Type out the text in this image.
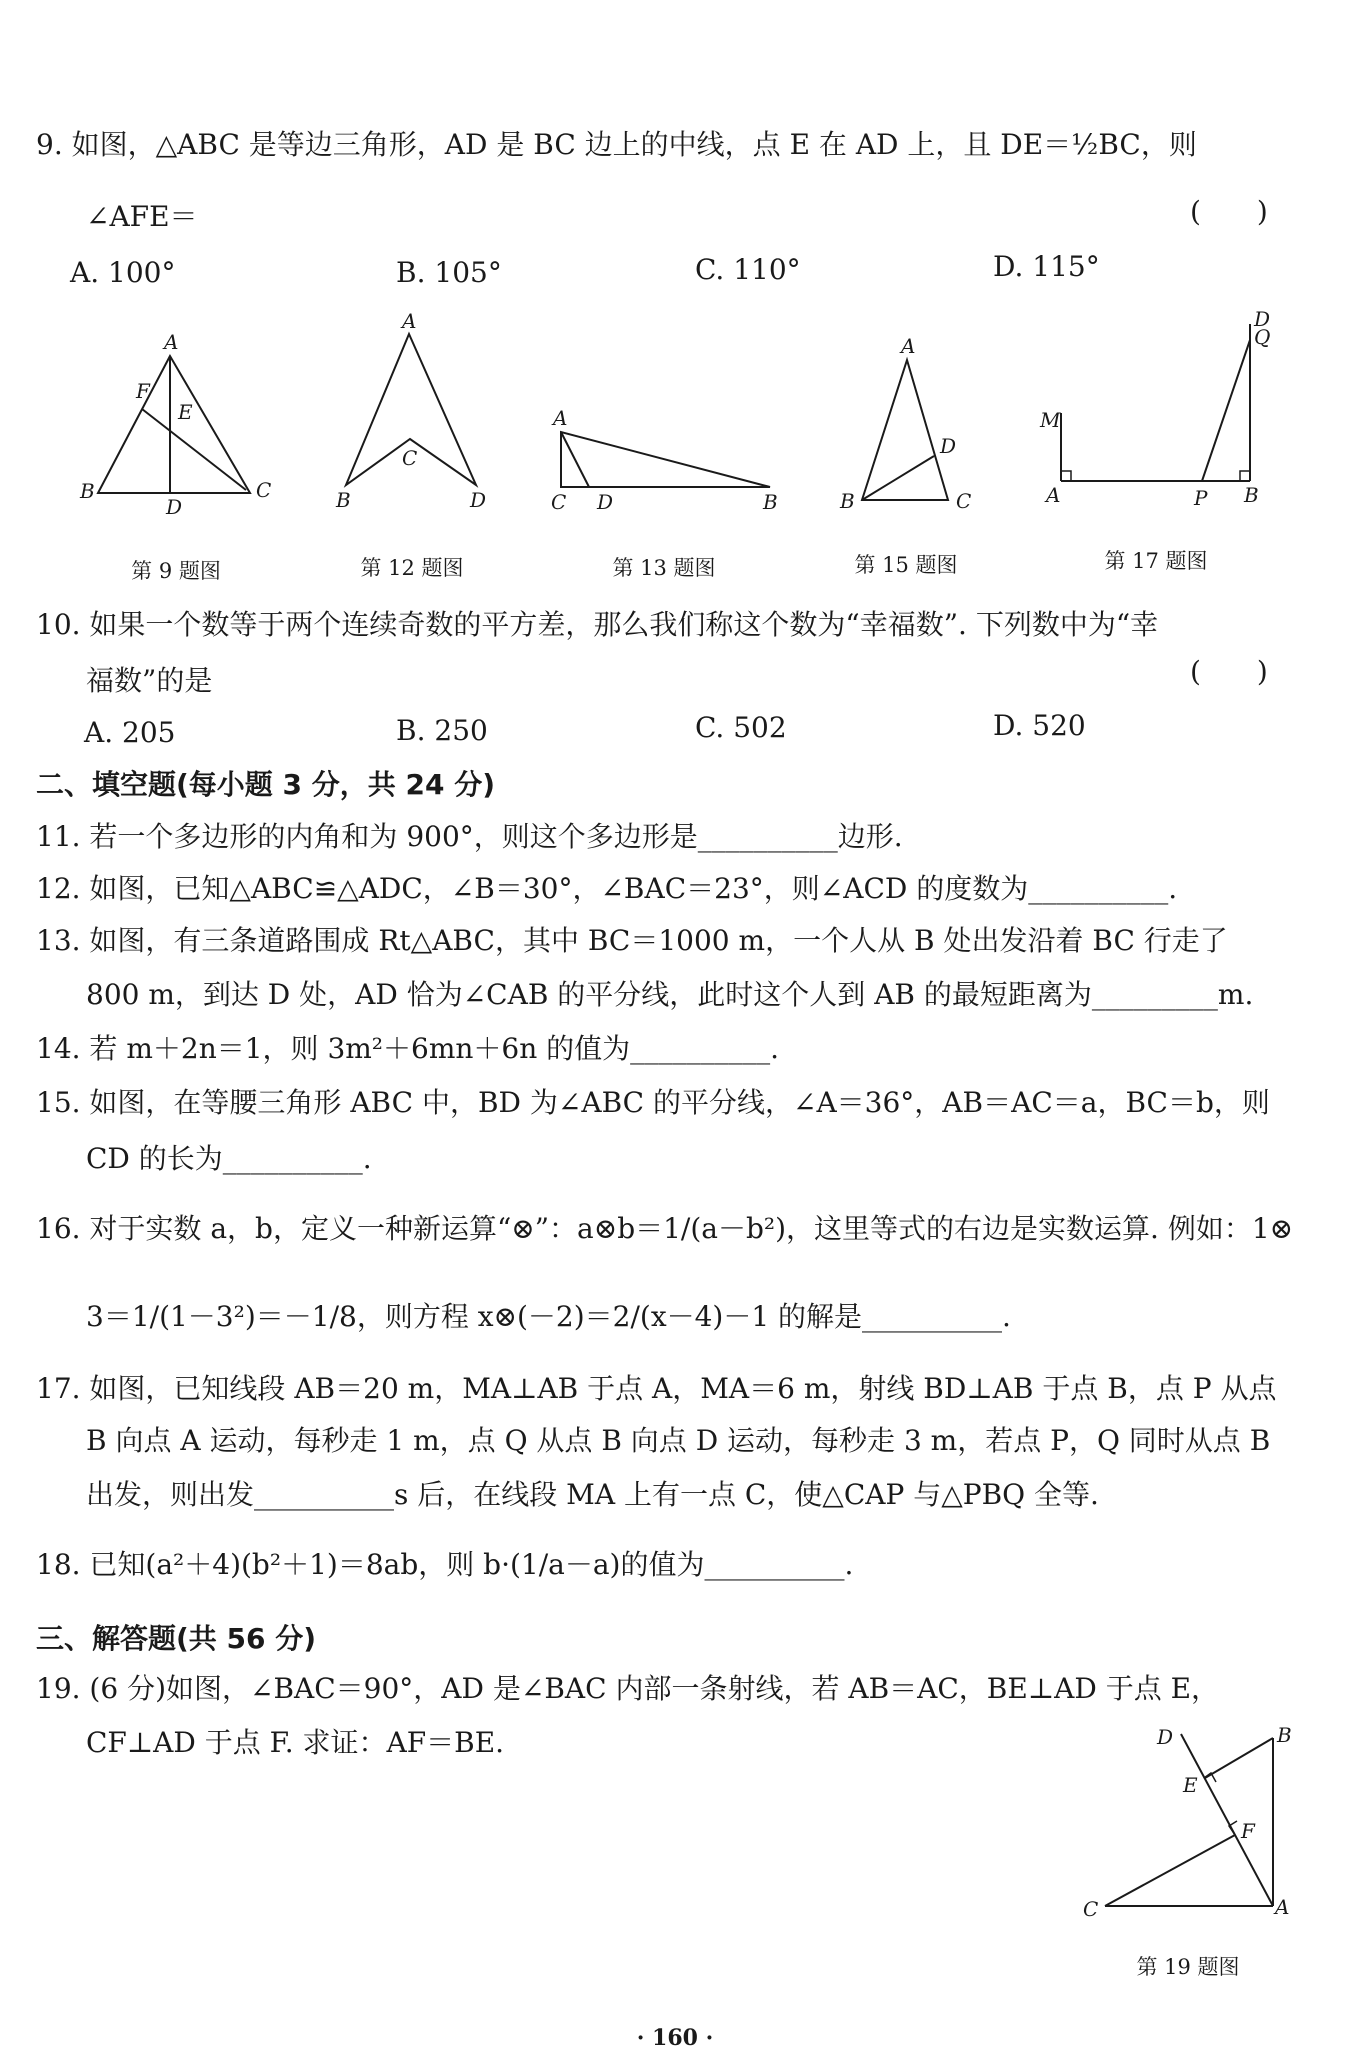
9. 如图，△ABC 是等边三角形，AD 是 BC 边上的中线，点 E 在 AD 上，且 DE＝½BC，则
∠AFE＝	(　　)
A. 100°	B. 105°	C. 110°	D. 115°
A
B	C
D
E
F
A
B
C
D
A
C D	B
A
B	C
D
M
A	P B
D
Q
第 9 题图	第 12 题图	第 13 题图	第 15 题图	第 17 题图
10. 如果一个数等于两个连续奇数的平方差，那么我们称这个数为“幸福数”. 下列数中为“幸
福数”的是	(　　)
A. 205	B. 250	C. 502	D. 520
二、填空题(每小题 3 分，共 24 分)
11. 若一个多边形的内角和为 900°，则这个多边形是__________边形.
12. 如图，已知△ABC≌△ADC，∠B＝30°，∠BAC＝23°，则∠ACD 的度数为__________.
13. 如图，有三条道路围成 Rt△ABC，其中 BC＝1000 m，一个人从 B 处出发沿着 BC 行走了
800 m，到达 D 处，AD 恰为∠CAB 的平分线，此时这个人到 AB 的最短距离为_________m.
14. 若 m＋2n＝1，则 3m²＋6mn＋6n 的值为__________.
15. 如图，在等腰三角形 ABC 中，BD 为∠ABC 的平分线，∠A＝36°，AB＝AC＝a，BC＝b，则
CD 的长为__________.
16. 对于实数 a，b，定义一种新运算“⊗”：a⊗b＝1/(a－b²)，这里等式的右边是实数运算. 例如：1⊗
3＝1/(1－3²)＝－1/8，则方程 x⊗(－2)＝2/(x－4)－1 的解是__________.
17. 如图，已知线段 AB＝20 m，MA⊥AB 于点 A，MA＝6 m，射线 BD⊥AB 于点 B，点 P 从点
B 向点 A 运动，每秒走 1 m，点 Q 从点 B 向点 D 运动，每秒走 3 m，若点 P，Q 同时从点 B
出发，则出发__________s 后，在线段 MA 上有一点 C，使△CAP 与△PBQ 全等.
18. 已知(a²＋4)(b²＋1)＝8ab，则 b·(1/a－a)的值为__________.
三、解答题(共 56 分)
19. (6 分)如图，∠BAC＝90°，AD 是∠BAC 内部一条射线，若 AB＝AC，BE⊥AD 于点 E，
CF⊥AD 于点 F. 求证：AF＝BE.	D	B
E
F
C	A
第 19 题图
· 160 ·
